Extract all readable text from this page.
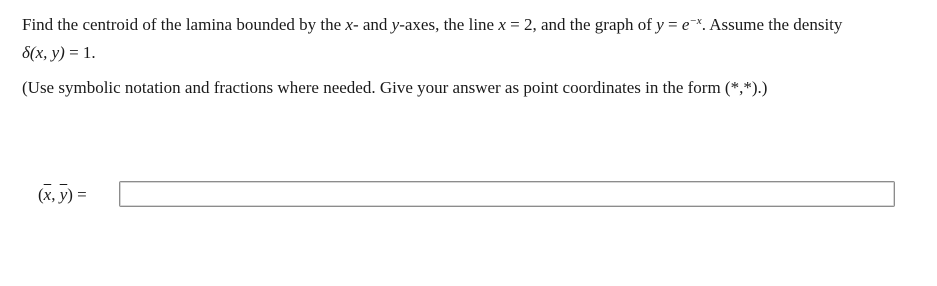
Find the centroid of the lamina bounded by the x- and y-axes, the line x = 2, and the graph of $y = e^{-x}$. Assume the density

δ(x, y) = 1.

(Use symbolic notation and fractions where needed. Give your answer as point coordinates in the form (*,*).)
($\overline{x}$, $\overline{y}$) =
